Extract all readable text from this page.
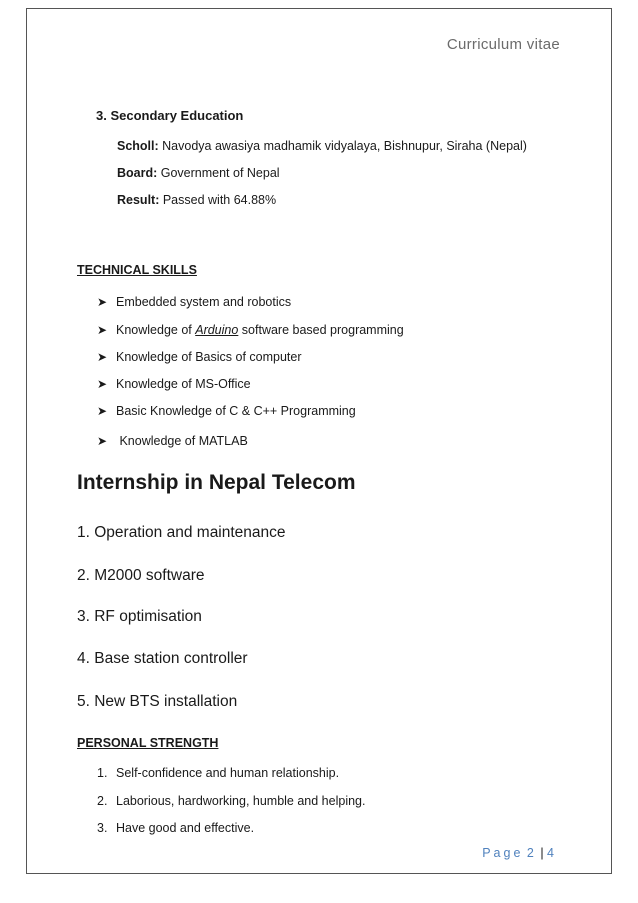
Curriculum vitae
3. Secondary Education
Scholl: Navodya awasiya madhamik vidyalaya, Bishnupur, Siraha (Nepal)
Board: Government of Nepal
Result: Passed with 64.88%
TECHNICAL SKILLS
➤ Embedded system and robotics
➤ Knowledge of Arduino software based programming
➤ Knowledge of Basics of computer
➤ Knowledge of MS-Office
➤ Basic Knowledge of C & C++ Programming
➤ Knowledge of MATLAB
Internship in Nepal Telecom
1. Operation and maintenance
2. M2000 software
3. RF optimisation
4. Base station controller
5. New BTS installation
PERSONAL STRENGTH
1. Self-confidence and human relationship.
2. Laborious, hardworking, humble and helping.
3. Have good and effective.
Page 2 | 4
